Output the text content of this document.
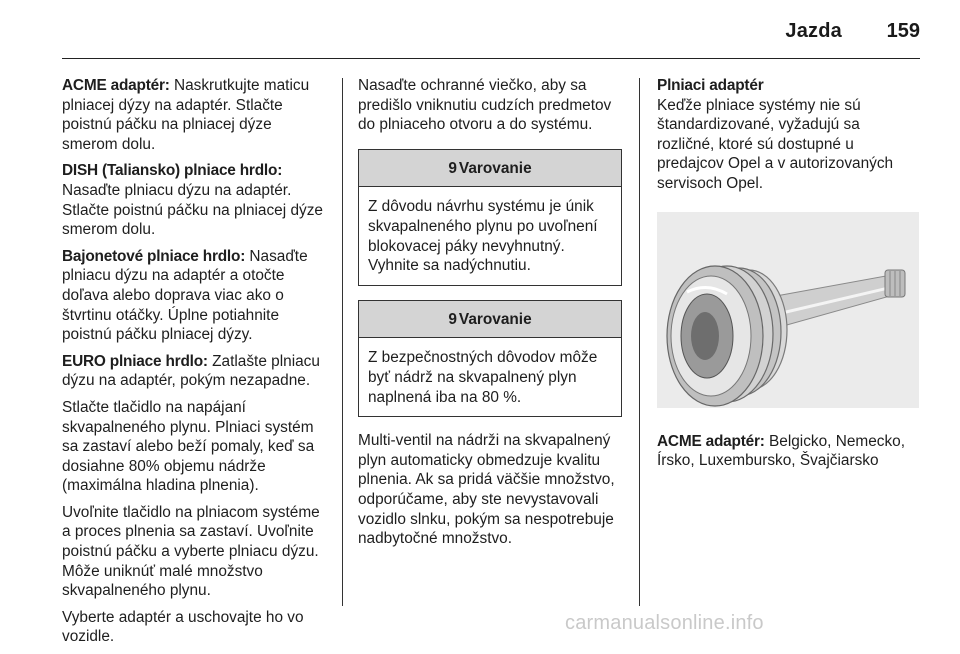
Jazda 159

ACME adaptér: Naskrutkujte maticu plniacej dýzy na adaptér. Stlačte poistnú páčku na plniacej dýze smerom dolu.

DISH (Taliansko) plniace hrdlo:
Nasaďte plniacu dýzu na adaptér. Stlačte poistnú páčku na plniacej dýze smerom dolu.

Bajonetové plniace hrdlo: Nasaďte plniacu dýzu na adaptér a otočte doľava alebo doprava viac ako o štvrtinu otáčky. Úplne potiahnite poistnú páčku plniacej dýzy.

EURO plniace hrdlo: Zatlašte plniacu dýzu na adaptér, pokým nezapadne.

Stlačte tlačidlo na napájaní skvapalneného plynu. Plniaci systém sa zastaví alebo beží pomaly, keď sa dosiahne 80% objemu nádrže (maximálna hladina plnenia).

Uvoľnite tlačidlo na plniacom systéme a proces plnenia sa zastaví. Uvoľnite poistnú páčku a vyberte plniacu dýzu. Môže uniknúť malé množstvo skvapalneného plynu.

Vyberte adaptér a uschovajte ho vo vozidle.

Nasaďte ochranné viečko, aby sa predišlo vniknutiu cudzích predmetov do plniaceho otvoru a do systému.

9 Varovanie
Z dôvodu návrhu systému je únik skvapalneného plynu po uvoľnení blokovacej páky nevyhnutný. Vyhnite sa nadýchnutiu.
9 Varovanie
Z bezpečnostných dôvodov môže byť nádrž na skvapalnený plyn naplnená iba na 80 %.

Multi-ventil na nádrži na skvapalnený plyn automaticky obmedzuje kvalitu plnenia. Ak sa pridá väčšie množstvo, odporúčame, aby ste nevystavovali vozidlo slnku, pokým sa nespotrebuje nadbytočné množstvo.

Plniaci adaptér

Keďže plniace systémy nie sú štandardizované, vyžadujú sa rozličné, ktoré sú dostupné u predajcov Opel a v autorizovaných servisoch Opel.

ACME adaptér: Belgicko, Nemecko, Írsko, Luxembursko, Švajčiarsko

carmanualsonline.info
